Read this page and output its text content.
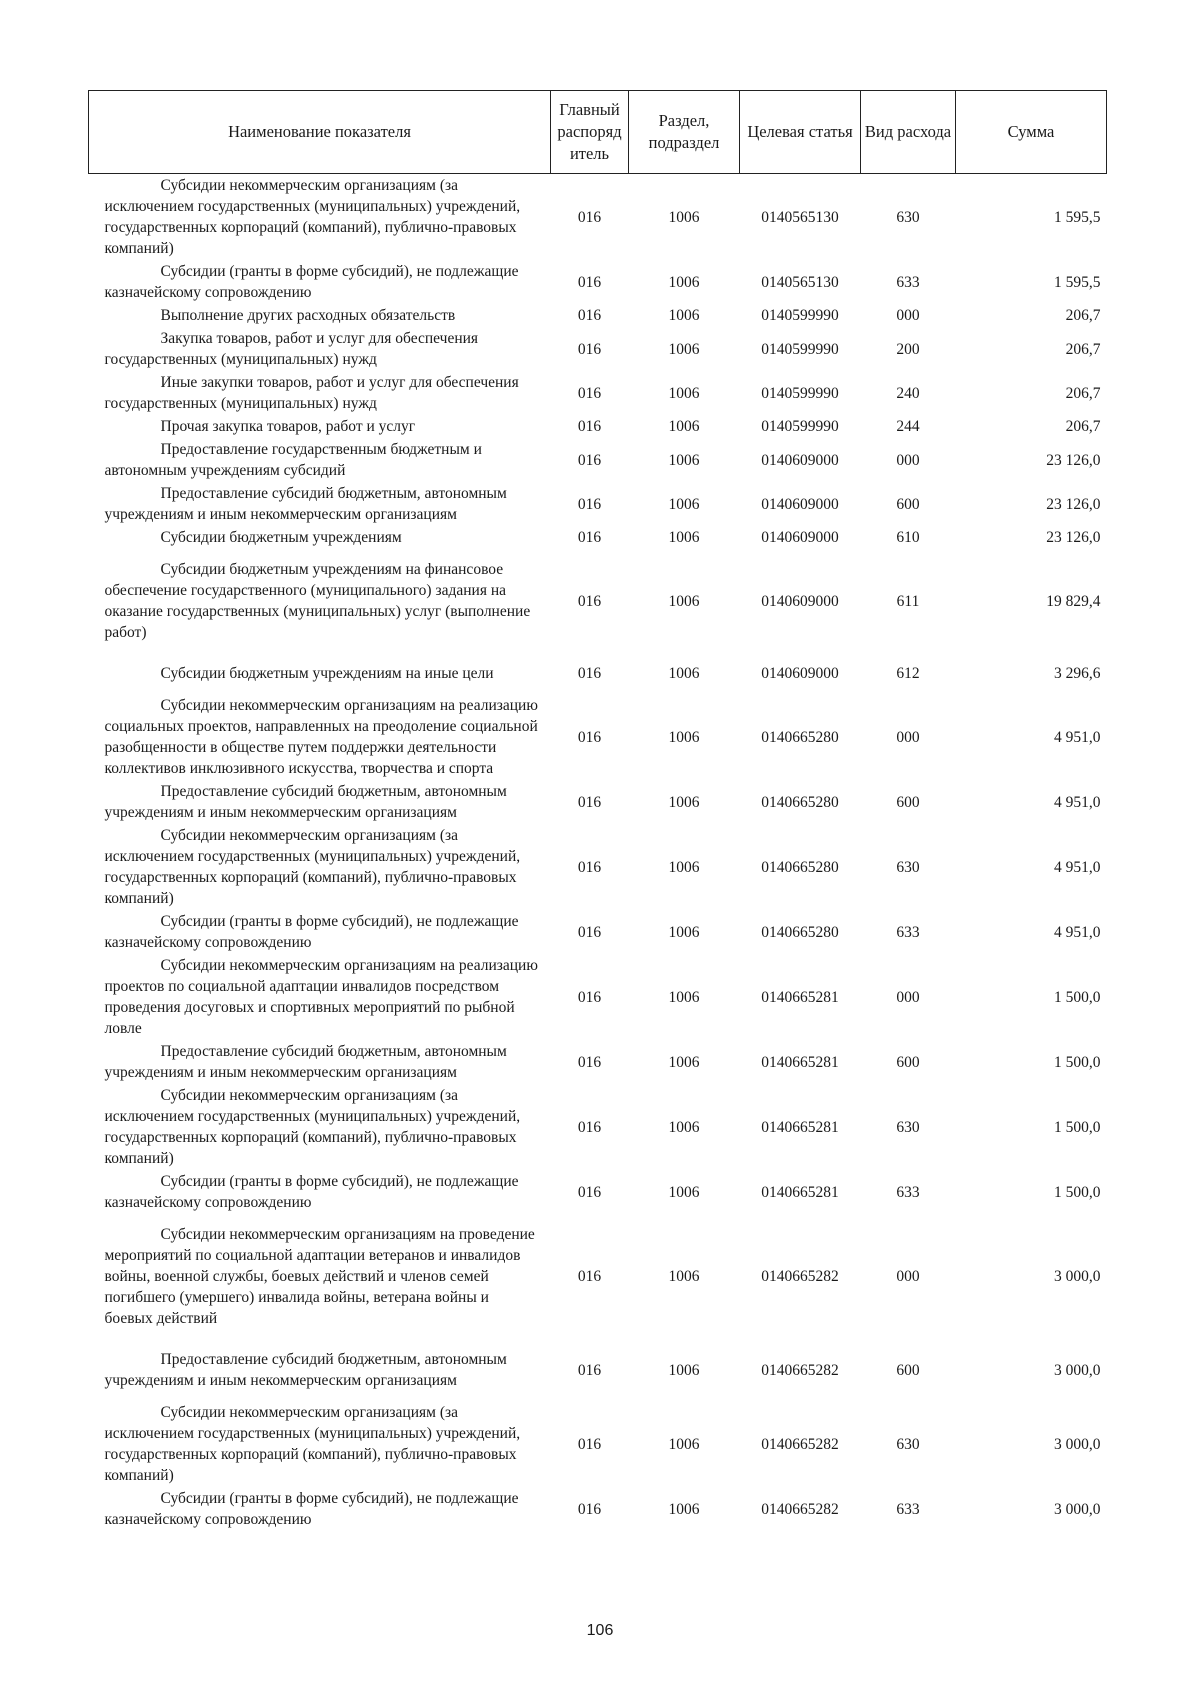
Наименование показателя	Главный распоряд итель	Раздел, подраздел	Целевая статья	Вид расхода	Сумма
Субсидии некоммерческим организациям (за исключением государственных (муниципальных) учреждений, государственных корпораций (компаний), публично-правовых компаний)	016	1006	0140565130	630	1 595,5
Субсидии (гранты в форме субсидий), не подлежащие казначейскому сопровождению	016	1006	0140565130	633	1 595,5
Выполнение других расходных обязательств	016	1006	0140599990	000	206,7
Закупка товаров, работ и услуг для обеспечения государственных (муниципальных) нужд	016	1006	0140599990	200	206,7
Иные закупки товаров, работ и услуг для обеспечения государственных (муниципальных) нужд	016	1006	0140599990	240	206,7
Прочая закупка товаров, работ и услуг	016	1006	0140599990	244	206,7
Предоставление государственным бюджетным и автономным учреждениям субсидий	016	1006	0140609000	000	23 126,0
Предоставление субсидий бюджетным, автономным учреждениям и иным некоммерческим организациям	016	1006	0140609000	600	23 126,0
Субсидии бюджетным учреждениям	016	1006	0140609000	610	23 126,0
Субсидии бюджетным учреждениям на финансовое обеспечение государственного (муниципального) задания на оказание государственных (муниципальных) услуг (выполнение работ)	016	1006	0140609000	611	19 829,4
Субсидии бюджетным учреждениям на иные цели	016	1006	0140609000	612	3 296,6
Субсидии некоммерческим организациям на реализацию социальных проектов, направленных на преодоление социальной разобщенности в обществе путем поддержки деятельности коллективов инклюзивного искусства, творчества и спорта	016	1006	0140665280	000	4 951,0
Предоставление субсидий бюджетным, автономным учреждениям и иным некоммерческим организациям	016	1006	0140665280	600	4 951,0
Субсидии некоммерческим организациям (за исключением государственных (муниципальных) учреждений, государственных корпораций (компаний), публично-правовых компаний)	016	1006	0140665280	630	4 951,0
Субсидии (гранты в форме субсидий), не подлежащие казначейскому сопровождению	016	1006	0140665280	633	4 951,0
Субсидии некоммерческим организациям на реализацию проектов по социальной адаптации инвалидов посредством проведения досуговых и спортивных мероприятий по рыбной ловле	016	1006	0140665281	000	1 500,0
Предоставление субсидий бюджетным, автономным учреждениям и иным некоммерческим организациям	016	1006	0140665281	600	1 500,0
Субсидии некоммерческим организациям (за исключением государственных (муниципальных) учреждений, государственных корпораций (компаний), публично-правовых компаний)	016	1006	0140665281	630	1 500,0
Субсидии (гранты в форме субсидий), не подлежащие казначейскому сопровождению	016	1006	0140665281	633	1 500,0
Субсидии некоммерческим организациям на проведение мероприятий по социальной адаптации ветеранов и инвалидов войны, военной службы, боевых действий и членов семей погибшего (умершего) инвалида войны, ветерана войны и боевых действий	016	1006	0140665282	000	3 000,0
Предоставление субсидий бюджетным, автономным учреждениям и иным некоммерческим организациям	016	1006	0140665282	600	3 000,0
Субсидии некоммерческим организациям (за исключением государственных (муниципальных) учреждений, государственных корпораций (компаний), публично-правовых компаний)	016	1006	0140665282	630	3 000,0
Субсидии (гранты в форме субсидий), не подлежащие казначейскому сопровождению	016	1006	0140665282	633	3 000,0
106
